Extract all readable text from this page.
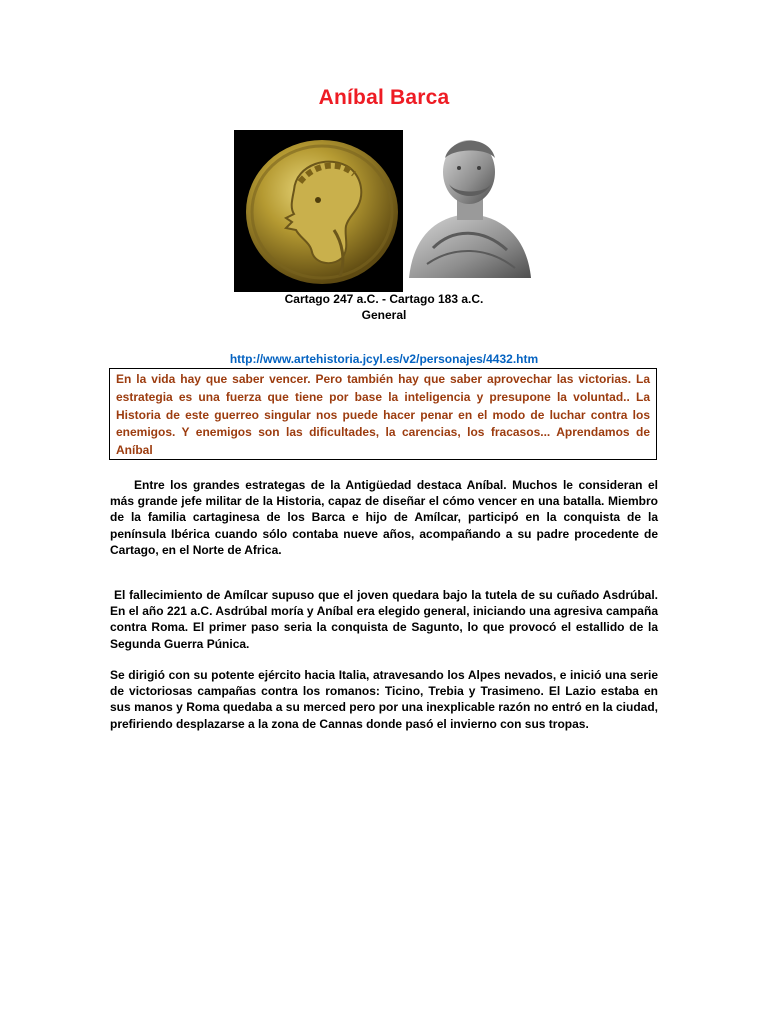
Aníbal Barca
Cartago 247 a.C. - Cartago 183 a.C.
General
http://www.artehistoria.jcyl.es/v2/personajes/4432.htm
En la vida hay que saber vencer. Pero también hay que saber aprovechar las victorias. La estrategia es una fuerza que tiene por base la inteligencia y presupone la voluntad.. La Historia de este guerreo singular nos puede hacer penar en el modo de luchar contra los enemigos. Y enemigos son las dificultades, la carencias, los fracasos... Aprendamos de Aníbal
Entre los grandes estrategas de la Antigüedad destaca Aníbal. Muchos le consideran el más grande jefe militar de la Historia, capaz de diseñar el cómo vencer en una batalla. Miembro de la familia cartaginesa de los Barca e hijo de Amílcar, participó en la conquista de la península Ibérica cuando sólo contaba nueve años, acompañando a su padre procedente de Cartago, en el Norte de Africa.
El fallecimiento de Amílcar supuso que el joven quedara bajo la tutela de su cuñado Asdrúbal. En el año 221 a.C. Asdrúbal moría y Aníbal era elegido general, iniciando una agresiva campaña contra Roma. El primer paso seria la conquista de Sagunto, lo que provocó el estallido de la Segunda Guerra Púnica.
Se dirigió con su potente ejército hacia Italia, atravesando los Alpes nevados, e inició una serie de victoriosas campañas contra los romanos: Ticino, Trebia y Trasimeno. El Lazio estaba en sus manos y Roma quedaba a su merced pero por una inexplicable razón no entró en la ciudad, prefiriendo desplazarse a la zona de Cannas donde pasó el invierno con sus tropas.
